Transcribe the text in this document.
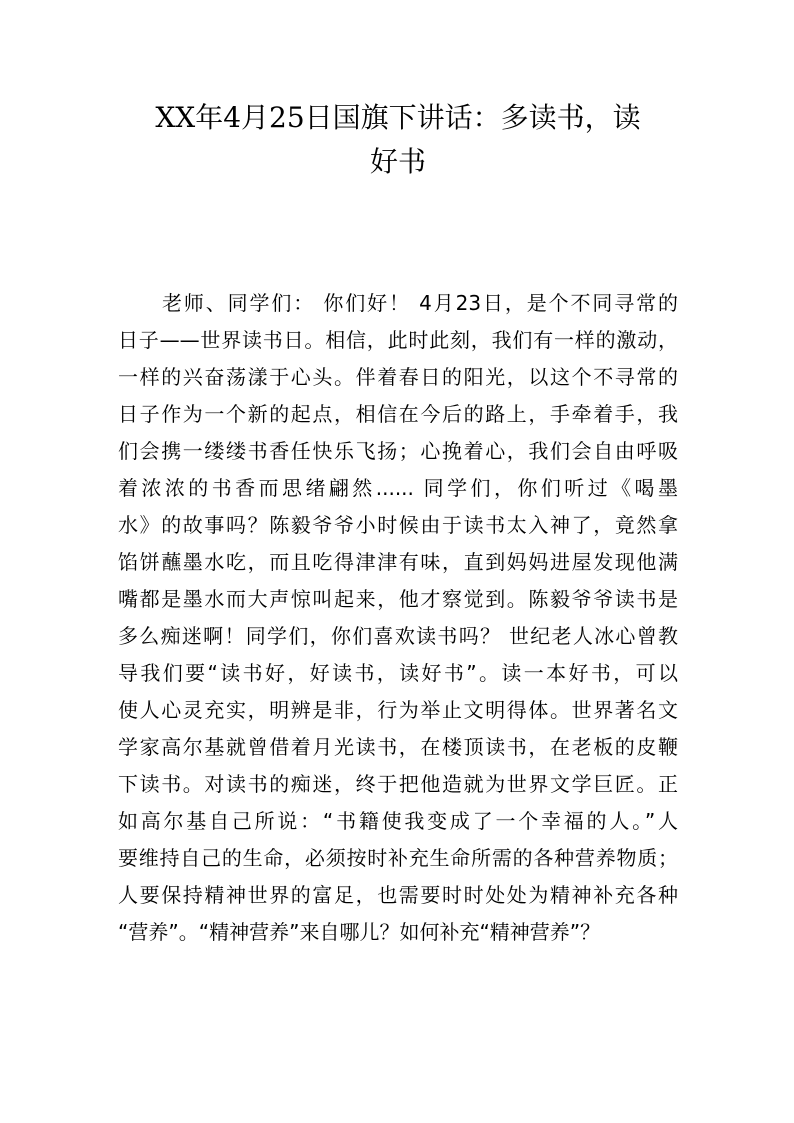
XX年4月25日国旗下讲话：多读书，读
好书
老师、同学们： 你们好！ 4月23日，是个不同寻常的
日子——世界读书日。相信，此时此刻，我们有一样的激动，
一样的兴奋荡漾于心头。伴着春日的阳光，以这个不寻常的
日子作为一个新的起点，相信在今后的路上，手牵着手，我
们会携一缕缕书香任快乐飞扬；心挽着心，我们会自由呼吸
着浓浓的书香而思绪翩然...... 同学们，你们听过《喝墨
水》的故事吗？陈毅爷爷小时候由于读书太入神了，竟然拿
馅饼蘸墨水吃，而且吃得津津有味，直到妈妈进屋发现他满
嘴都是墨水而大声惊叫起来，他才察觉到。陈毅爷爷读书是
多么痴迷啊！同学们，你们喜欢读书吗？ 世纪老人冰心曾教
导我们要“读书好，好读书，读好书”。读一本好书，可以
使人心灵充实，明辨是非，行为举止文明得体。世界著名文
学家高尔基就曾借着月光读书，在楼顶读书，在老板的皮鞭
下读书。对读书的痴迷，终于把他造就为世界文学巨匠。正
如高尔基自己所说：“书籍使我变成了一个幸福的人。”人
要维持自己的生命，必须按时补充生命所需的各种营养物质；
人要保持精神世界的富足，也需要时时处处为精神补充各种
“营养”。“精神营养”来自哪儿？如何补充“精神营养”？
